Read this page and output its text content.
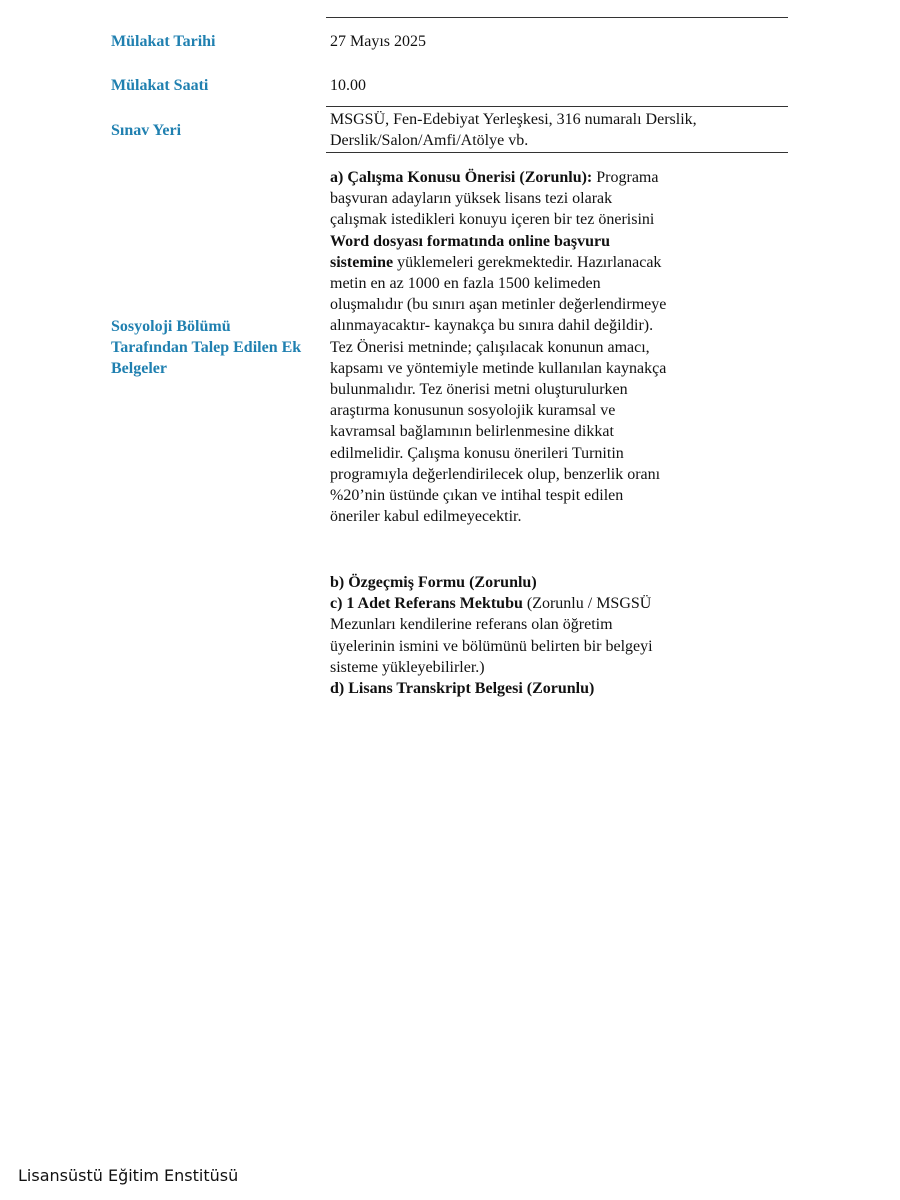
Mülakat Tarihi	27 Mayıs 2025
Mülakat Saati	10.00
Sınav Yeri
MSGSÜ, Fen-Edebiyat Yerleşkesi, 316 numaralı Derslik,
Derslik/Salon/Amfi/Atölye vb.
Sosyoloji Bölümü
Tarafından Talep Edilen Ek
Belgeler
a) Çalışma Konusu Önerisi (Zorunlu): Programa
başvuran adayların yüksek lisans tezi olarak
çalışmak istedikleri konuyu içeren bir tez önerisini
Word dosyası formatında online başvuru
sistemine yüklemeleri gerekmektedir. Hazırlanacak
metin en az 1000 en fazla 1500 kelimeden
oluşmalıdır (bu sınırı aşan metinler değerlendirmeye
alınmayacaktır- kaynakça bu sınıra dahil değildir).
Tez Önerisi metninde; çalışılacak konunun amacı,
kapsamı ve yöntemiyle metinde kullanılan kaynakça
bulunmalıdır. Tez önerisi metni oluşturulurken
araştırma konusunun sosyolojik kuramsal ve
kavramsal bağlamının belirlenmesine dikkat
edilmelidir. Çalışma konusu önerileri Turnitin
programıyla değerlendirilecek olup, benzerlik oranı
%20’nin üstünde çıkan ve intihal tespit edilen
öneriler kabul edilmeyecektir.
b) Özgeçmiş Formu (Zorunlu)
c) 1 Adet Referans Mektubu (Zorunlu / MSGSÜ
Mezunları kendilerine referans olan öğretim
üyelerinin ismini ve bölümünü belirten bir belgeyi
sisteme yükleyebilirler.)
d) Lisans Transkript Belgesi (Zorunlu)
Lisansüstü Eğitim Enstitüsü
